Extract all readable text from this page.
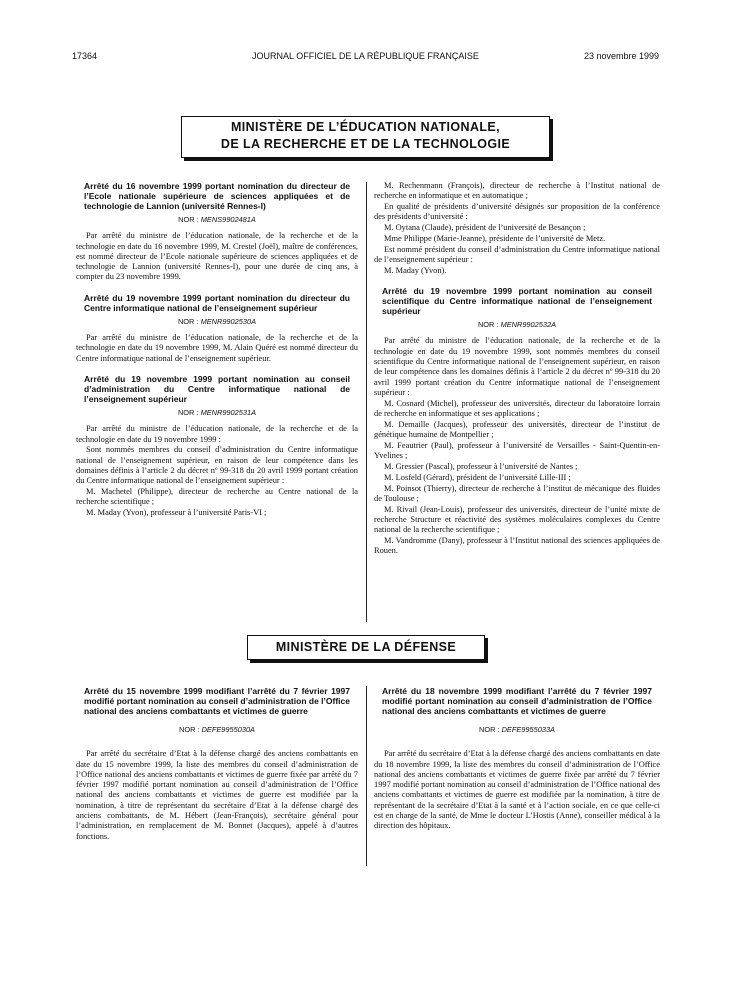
17364	JOURNAL OFFICIEL DE LA RÉPUBLIQUE FRANÇAISE	23 novembre 1999
MINISTÈRE DE L’ÉDUCATION NATIONALE,
DE LA RECHERCHE ET DE LA TECHNOLOGIE
Arrêté du 16 novembre 1999 portant nomination du directeur de l’Ecole nationale supérieure de sciences appliquées et de technologie de Lannion (université Rennes-I)
NOR : MENS9902481A

Par arrêté du ministre de l’éducation nationale, de la recherche et de la technologie en date du 16 novembre 1999, M. Crestel (Joël), maître de conférences, est nommé directeur de l’Ecole nationale supérieure de sciences appliquées et de technologie de Lannion (université Rennes-I), pour une durée de cinq ans, à compter du 23 novembre 1999.

Arrêté du 19 novembre 1999 portant nomination du directeur du Centre informatique national de l’enseignement supérieur
NOR : MENR9902530A

Par arrêté du ministre de l’éducation nationale, de la recherche et de la technologie en date du 19 novembre 1999, M. Alain Quéré est nommé directeur du Centre informatique national de l’enseignement supérieur.

Arrêté du 19 novembre 1999 portant nomination au conseil d’administration du Centre informatique national de l’enseignement supérieur
NOR : MENR9902531A

Par arrêté du ministre de l’éducation nationale, de la recherche et de la technologie en date du 19 novembre 1999 :

Sont nommés membres du conseil d’administration du Centre informatique national de l’enseignement supérieur, en raison de leur compétence dans les domaines définis à l’article 2 du décret nº 99-318 du 20 avril 1999 portant création du Centre informatique national de l’enseignement supérieur :

M. Machetel (Philippe), directeur de recherche au Centre national de la recherche scientifique ;

M. Maday (Yvon), professeur à l’université Paris-VI ;

M. Rechenmann (François), directeur de recherche à l’Institut national de recherche en informatique et en automatique ;

En qualité de présidents d’université désignés sur proposition de la conférence des présidents d’université :

M. Oytana (Claude), président de l’université de Besançon ;

Mme Philippe (Marie-Jeanne), présidente de l’université de Metz.

Est nommé président du conseil d’administration du Centre informatique national de l’enseignement supérieur :

M. Maday (Yvon).

Arrêté du 19 novembre 1999 portant nomination au conseil scientifique du Centre informatique national de l’enseignement supérieur
NOR : MENR9902532A

Par arrêté du ministre de l’éducation nationale, de la recherche et de la technologie en date du 19 novembre 1999, sont nommés membres du conseil scientifique du Centre informatique national de l’enseignement supérieur, en raison de leur compétence dans les domaines définis à l’article 2 du décret nº 99-318 du 20 avril 1999 portant création du Centre informatique national de l’enseignement supérieur :

M. Cosnard (Michel), professeur des universités, directeur du laboratoire lorrain de recherche en informatique et ses applications ;

M. Demaille (Jacques), professeur des universités, directeur de l’institut de génétique humaine de Montpellier ;

M. Feautrier (Paul), professeur à l’université de Versailles - Saint-Quentin-en-Yvelines ;

M. Gressier (Pascal), professeur à l’université de Nantes ;

M. Losfeld (Gérard), président de l’université Lille-III ;

M. Poinsot (Thierry), directeur de recherche à l’institut de mécanique des fluides de Toulouse ;

M. Rivail (Jean-Louis), professeur des universités, directeur de l’unité mixte de recherche Structure et réactivité des systèmes moléculaires complexes du Centre national de la recherche scientifique ;

M. Vandromme (Dany), professeur à l’Institut national des sciences appliquées de Rouen.

MINISTÈRE DE LA DÉFENSE
Arrêté du 15 novembre 1999 modifiant l’arrêté du 7 février 1997 modifié portant nomination au conseil d’administration de l’Office national des anciens combattants et victimes de guerre
NOR : DEFE9955030A

Par arrêté du secrétaire d’Etat à la défense chargé des anciens combattants en date du 15 novembre 1999, la liste des membres du conseil d’administration de l’Office national des anciens combattants et victimes de guerre fixée par arrêté du 7 février 1997 modifié portant nomination au conseil d’administration de l’Office national des anciens combattants et victimes de guerre est modifiée par la nomination, à titre de représentant du secrétaire d’Etat à la défense chargé des anciens combattants, de M. Hébert (Jean-François), secrétaire général pour l’administration, en remplacement de M. Bonnet (Jacques), appelé à d’autres fonctions.

Arrêté du 18 novembre 1999 modifiant l’arrêté du 7 février 1997 modifié portant nomination au conseil d’administration de l’Office national des anciens combattants et victimes de guerre
NOR : DEFE9955033A

Par arrêté du secrétaire d’Etat à la défense chargé des anciens combattants en date du 18 novembre 1999, la liste des membres du conseil d’administration de l’Office national des anciens combattants et victimes de guerre fixée par arrêté du 7 février 1997 modifié portant nomination au conseil d’administration de l’Office national des anciens combattants et victimes de guerre est modifiée par la nomination, à titre de représentant de la secrétaire d’Etat à la santé et à l’action sociale, en ce que celle-ci est en charge de la santé, de Mme le docteur L’Hostis (Anne), conseiller médical à la direction des hôpitaux.
